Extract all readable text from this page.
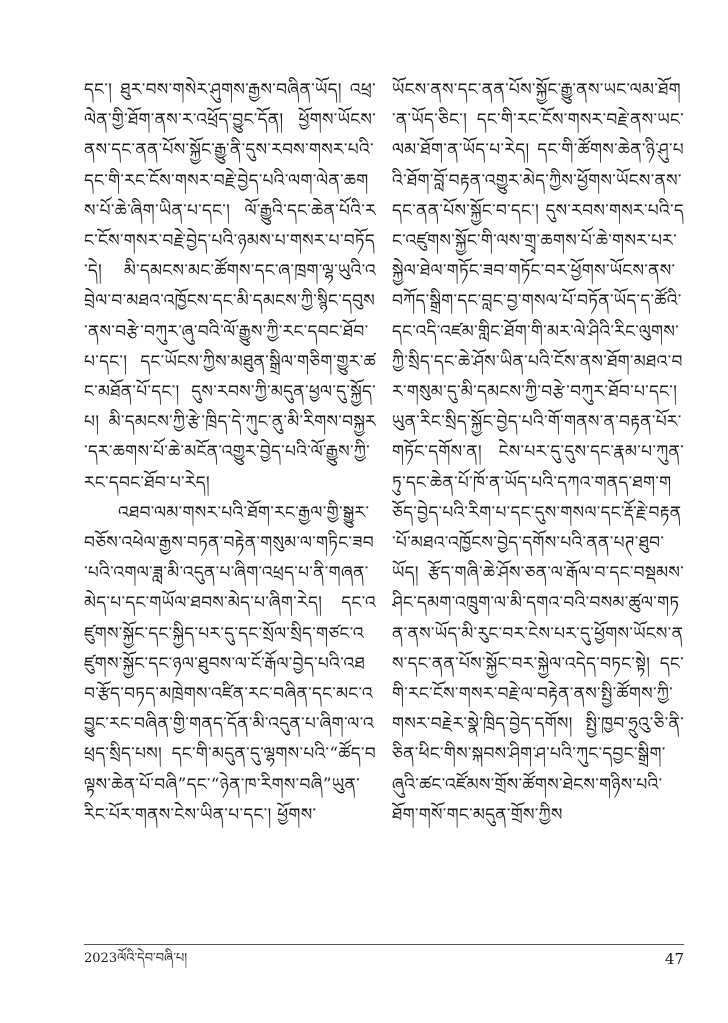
དང་། ཐུར་བས་གསེར་ཤུགས་རྒྱས་བཞིན་ཡོད། འཕྲ་ལེན་གྱི་ཐོག་ནས་ར་འཕྲོད་བྱུང་དོན། ཕྱོགས་ཡོངས་ནས་དང་ནན་པོས་སྐྱོང་རྒྱུ་ནི་དུས་རབས་གསར་པའི་དང་གི་རང་ངོས་གསར་བརྗེ་བྱེད་པའི་ལག་ལེན་ཆགས་པོ་ཆེ་ཞིག་ཡིན་པ་དང་། ལོ་རྒྱུའི་དང་ཆེན་པོའི་རང་ངོས་གསར་བརྗེ་བྱེད་པའི་ཉམས་པ་གསར་པ་བཏོད་དེ། མི་དམངས་མང་ཚོགས་དང་ཞ་ཁྲག་ལྷ་ཡུའི་འབྲེལ་བ་མཐའ་འཁྱོངས་དང་མི་དམངས་ཀྱི་སྙིང་དབུས་ནས་བརྩེ་བཀུར་ཞུ་བའི་ལོ་རྒྱུས་ཀྱི་རང་དབང་ཐོབ་པ་དང་། དང་ཡོངས་ཀྱིས་མཐུན་སྒྲིལ་གཅིག་གྱུར་ཚང་མཐོན་པོ་དང་། དུས་རབས་ཀྱི་མདུན་ཕྱལ་དུ་སྐྱོད་པ། མི་དམངས་ཀྱི་རྩེ་ཁྲིད་དེ་ཀུང་ནུ་མི་རིགས་བསྐྱར་དར་ཆགས་པོ་ཆེ་མངོན་འགྱུར་བྱེད་པའི་ལོ་རྒྱུས་ཀྱི་རང་དབང་ཐོབ་པ་རེད།

འཐབ་ལམ་གསར་པའི་ཐོག་རང་རྒྱལ་གྱི་སྒྱུར་བཅོས་འཕེལ་རྒྱས་བཏན་བརྟེན་གསུམ་ལ་གཏིང་ཟབ་པའི་འགལ་ཟླ་མི་འདུན་པ་ཞིག་འཕྲད་པ་ནི་གཞན་མེད་པ་དང་གཡོལ་ཐབས་མེད་པ་ཞིག་རེད། དང་འཛུགས་སྐྱོང་དང་སྐྱིད་པར་དུ་དང་སྲོལ་སྲིད་གཙང་འཛུགས་སྐྱོང་དང་ཉལ་ཐུབས་ལ་ངོ་རྒོལ་བྱེད་པའི་འཐབ་རྩོད་བཏད་མཁྲེགས་འཛིན་རང་བཞིན་དང་མང་འབྱུང་རང་བཞིན་གྱི་གནད་དོན་མི་འདུན་པ་ཞིག་ལ་འཕྲད་སྲིད་པས། དང་གི་མདུན་དུ་ལྷགས་པའི་“ཚོད་བལྟས་ཆེན་པོ་བཞི”དང་“ཉེན་ཁ་རིགས་བཞི”ཡུན་རིང་པོར་གནས་ངེས་ཡིན་པ་དང་། ཕྱོགས་

ཡོངས་ནས་དང་ནན་པོས་སྐྱོང་རྒྱུ་ནས་ཡང་ལམ་ཐོག་ན་ཡོད་ཅིང་། དང་གི་རང་ངོས་གསར་བརྗེ་ནས་ཡང་ལམ་ཐོག་ན་ཡོད་པ་རེད། དང་གི་ཚོགས་ཆེན་ཉི་ཤུ་པའི་ཐོག་བློ་བརྟན་འགྱུར་མེད་ཀྱིས་ཕྱོགས་ཡོངས་ནས་དང་ནན་པོས་སྐྱོང་བ་དང་། དུས་རབས་གསར་པའི་དང་འཛུགས་སྐྱོང་གི་ལས་གྲྭ་ཆགས་པོ་ཆེ་གསར་པར་སྐྱེལ་ཐེལ་གཏོང་ཟབ་གཏོང་བར་ཕྱོགས་ཡོངས་ནས་བཀོད་སྒྲིག་དང་བླང་བྱ་གསལ་པོ་བཏོན་ཡོད་ད་ཚོའི་དང་འདི་འཛམ་གླིང་ཐོག་གི་མར་ལེ་ཤིའི་རིང་ལུགས་ཀྱི་སྲིད་དང་ཆེ་ཤོས་ཡིན་པའི་ངོས་ནས་ཐོག་མཐའ་བར་གསུམ་དུ་མི་དམངས་ཀྱི་བརྩེ་བཀུར་ཐོབ་པ་དང་། ཡུན་རིང་སྲིད་སྐྱོང་བྱེད་པའི་གོ་གནས་ན་བརྟན་པོར་གཏོང་དགོས་ན། ངེས་པར་དུ་དུས་དང་རྣམ་པ་ཀུན་ཏུ་དང་ཆེན་པོ་ཁོ་ན་ཡོད་པའི་དཀའ་གནད་ཐག་གཅོད་བྱེད་པའི་རིག་པ་དང་དུས་གསལ་དང་རྡོ་རྗེ་བརྟན་པོ་མཐའ་འཁྱོངས་བྱེད་དགོས་པའི་ནན་པཊ་ཐུབ་ཡོད། རྩོད་གཞི་ཆེ་ཤོས་ཅན་ལ་རྒོལ་བ་དང་བསྡམས་ཤིང་དམག་འཁྲུག་ལ་མི་དགའ་བའི་བསམ་ཚུལ་གཏན་ནས་ཡོད་མི་རུང་བར་ངེས་པར་དུ་ཕྱོགས་ཡོངས་ནས་དང་ནན་པོས་སྐྱོང་བར་སྐྱེལ་འདེད་བཏང་སྟེ། དང་གི་རང་ངོས་གསར་བརྗེ་ལ་བརྟེན་ནས་སྤྱི་ཚོགས་ཀྱི་གསར་བརྗེར་སྣེ་ཁྲིད་བྱེད་དགོས། སྤྱི་ཁྱབ་ཧྲུའུ་ཅི་ནི་ཅིན་ཕིང་གིས་སྐབས་ཤིག་ཤ་པའི་ཀུང་དབྱང་སྒྲིག་ཞུའི་ཚང་འཛོམས་གྲོས་ཚོགས་ཐེངས་གཉིས་པའི་ཐོག་གསོ་གང་མདུན་གྲོས་ཀྱིས

2023ལོའི་དེབ་བཞི་པ།	47
